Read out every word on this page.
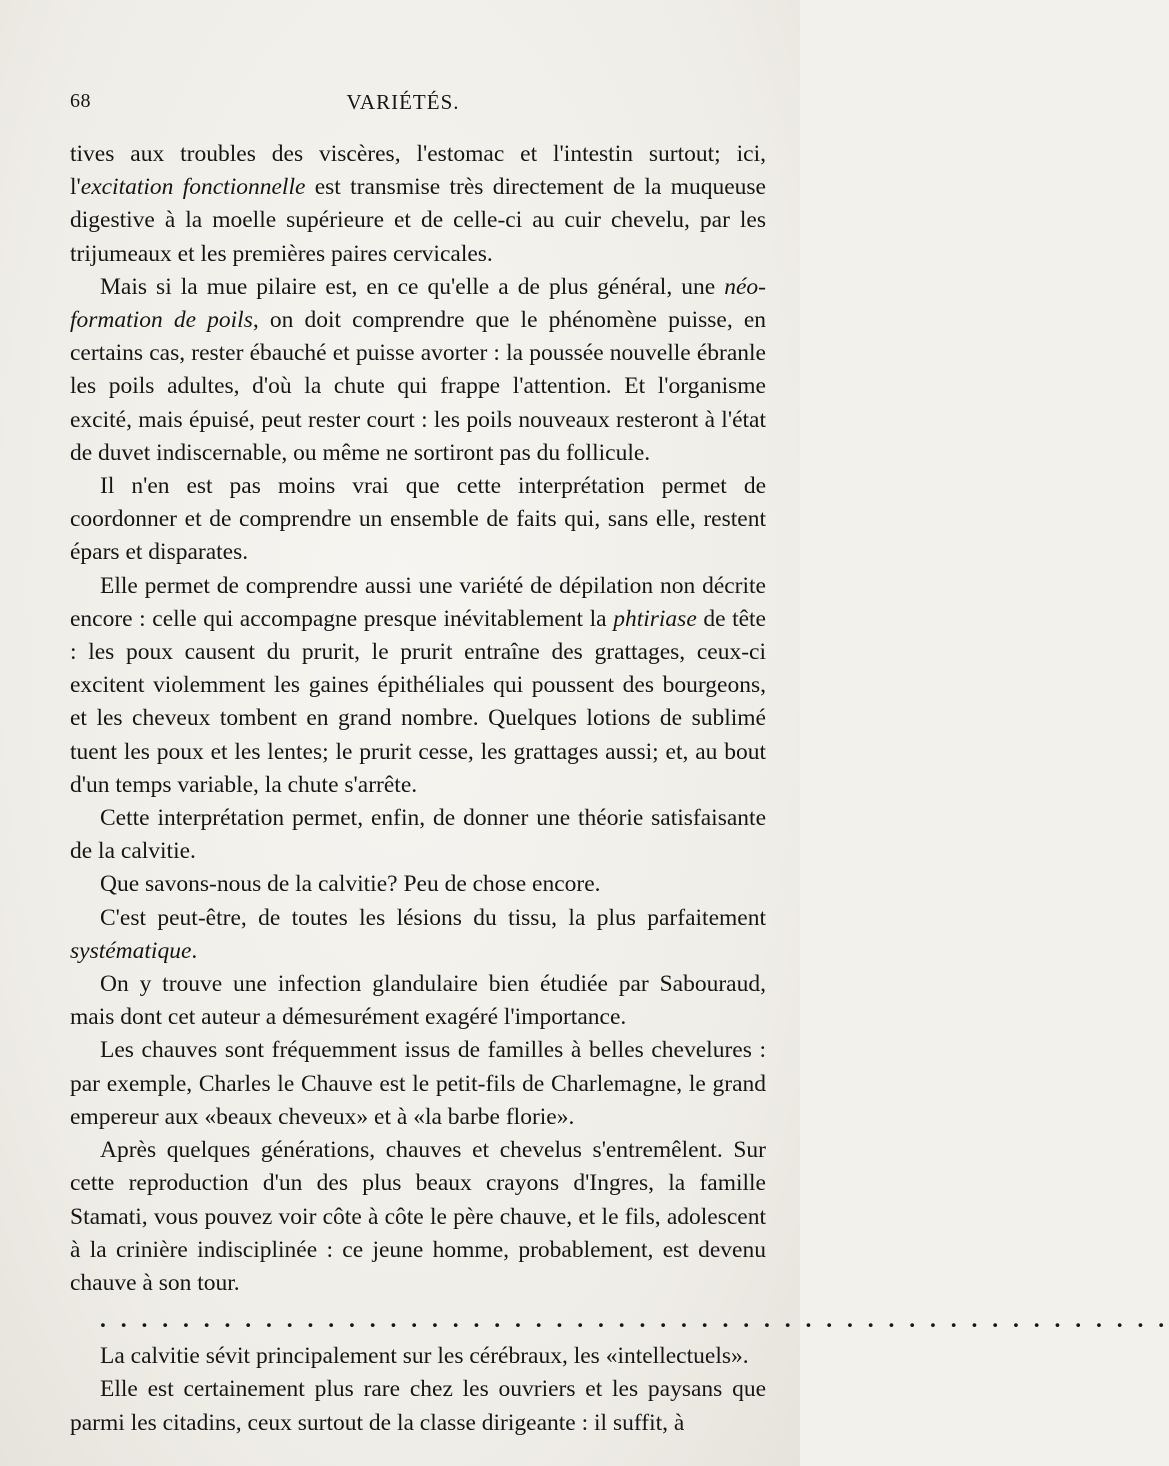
68	VARIÉTÉS.

tives aux troubles des viscères, l'estomac et l'intestin surtout; ici, l'excitation fonctionnelle est transmise très directement de la muqueuse digestive à la moelle supérieure et de celle-ci au cuir chevelu, par les trijumeaux et les premières paires cervicales.

Mais si la mue pilaire est, en ce qu'elle a de plus général, une néo-formation de poils, on doit comprendre que le phénomène puisse, en certains cas, rester ébauché et puisse avorter : la poussée nouvelle ébranle les poils adultes, d'où la chute qui frappe l'attention. Et l'organisme excité, mais épuisé, peut rester court : les poils nouveaux resteront à l'état de duvet indiscernable, ou même ne sortiront pas du follicule.

Il n'en est pas moins vrai que cette interprétation permet de coordonner et de comprendre un ensemble de faits qui, sans elle, restent épars et disparates.

Elle permet de comprendre aussi une variété de dépilation non décrite encore : celle qui accompagne presque inévitablement la phtiriase de tête : les poux causent du prurit, le prurit entraîne des grattages, ceux-ci excitent violemment les gaines épithéliales qui poussent des bourgeons, et les cheveux tombent en grand nombre. Quelques lotions de sublimé tuent les poux et les lentes; le prurit cesse, les grattages aussi; et, au bout d'un temps variable, la chute s'arrête.

Cette interprétation permet, enfin, de donner une théorie satisfaisante de la calvitie.

Que savons-nous de la calvitie? Peu de chose encore.

C'est peut-être, de toutes les lésions du tissu, la plus parfaitement systématique.

On y trouve une infection glandulaire bien étudiée par Sabouraud, mais dont cet auteur a démesurément exagéré l'importance.

Les chauves sont fréquemment issus de familles à belles chevelures : par exemple, Charles le Chauve est le petit-fils de Charlemagne, le grand empereur aux «beaux cheveux» et à «la barbe florie».

Après quelques générations, chauves et chevelus s'entremêlent. Sur cette reproduction d'un des plus beaux crayons d'Ingres, la famille Stamati, vous pouvez voir côte à côte le père chauve, et le fils, adolescent à la crinière indisciplinée : ce jeune homme, probablement, est devenu chauve à son tour.

. . . . . . . . . . . . . . . . . . . . . . . . . . . . . . . . . . . . . . . . . . . . . . . . . . . .

La calvitie sévit principalement sur les cérébraux, les «intellectuels».

Elle est certainement plus rare chez les ouvriers et les paysans que parmi les citadins, ceux surtout de la classe dirigeante : il suffit, à
